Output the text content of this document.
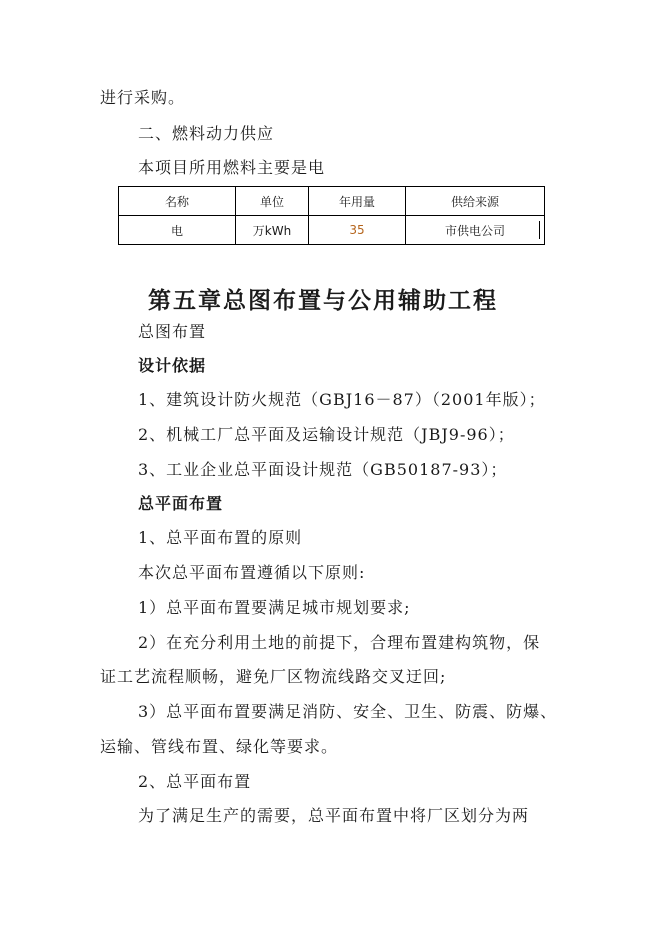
进行采购。
二、燃料动力供应
本项目所用燃料主要是电
名称	单位	年用量	供给来源
电	万kWh	35	市供电公司
第五章总图布置与公用辅助工程
总图布置
设计依据
1、建筑设计防火规范（GBJ16－87）（2001年版）；
2、机械工厂总平面及运输设计规范（JBJ9-96）；
3、工业企业总平面设计规范（GB50187-93）；
总平面布置
1、总平面布置的原则
本次总平面布置遵循以下原则:
1）总平面布置要满足城市规划要求;
2）在充分利用土地的前提下，合理布置建构筑物，保
证工艺流程顺畅，避免厂区物流线路交叉迂回;
3）总平面布置要满足消防、安全、卫生、防震、防爆、
运输、管线布置、绿化等要求。
2、总平面布置
为了满足生产的需要，总平面布置中将厂区划分为两
